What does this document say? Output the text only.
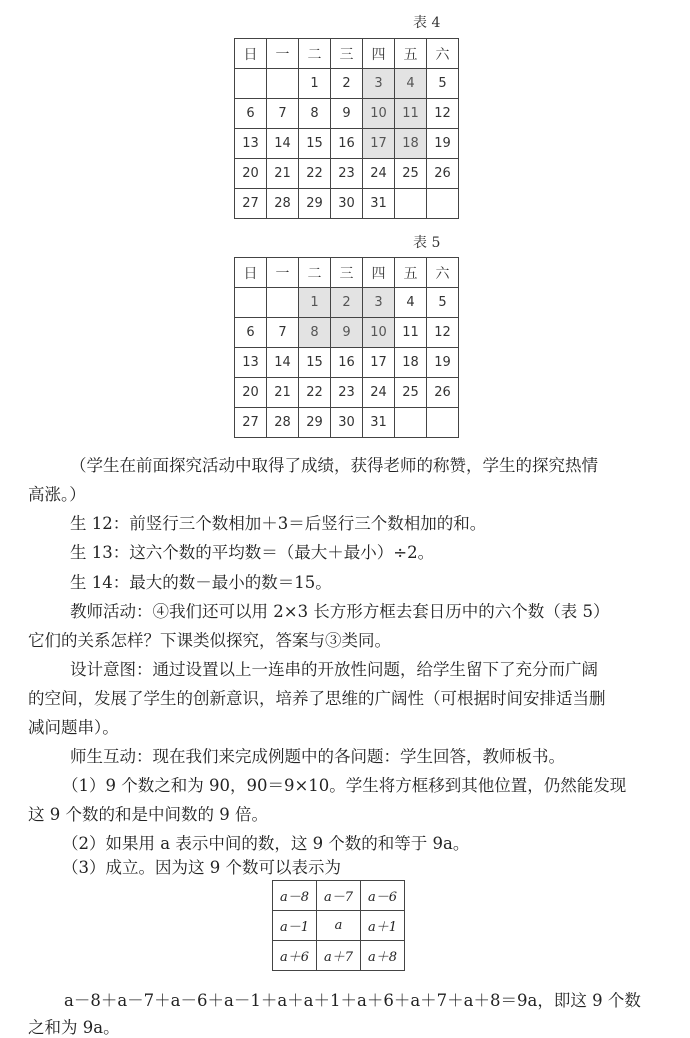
表 4
日	一	二	三	四	五	六
		1	2	3	4	5
6	7	8	9	10	11	12
13	14	15	16	17	18	19
20	21	22	23	24	25	26
27	28	29	30	31		
表 5
日	一	二	三	四	五	六
		1	2	3	4	5
6	7	8	9	10	11	12
13	14	15	16	17	18	19
20	21	22	23	24	25	26
27	28	29	30	31		
（学生在前面探究活动中取得了成绩，获得老师的称赞，学生的探究热情
高涨。）
生 12：前竖行三个数相加＋3＝后竖行三个数相加的和。
生 13：这六个数的平均数＝（最大＋最小）÷2。
生 14：最大的数－最小的数＝15。
教师活动：④我们还可以用 2×3 长方形方框去套日历中的六个数（表 5）
它们的关系怎样？下课类似探究，答案与③类同。
设计意图：通过设置以上一连串的开放性问题，给学生留下了充分而广阔
的空间，发展了学生的创新意识，培养了思维的广阔性（可根据时间安排适当删
减问题串）。
师生互动：现在我们来完成例题中的各问题：学生回答，教师板书。
（1）9 个数之和为 90，90＝9×10。学生将方框移到其他位置，仍然能发现
这 9 个数的和是中间数的 9 倍。
（2）如果用 a 表示中间的数，这 9 个数的和等于 9a。
（3）成立。因为这 9 个数可以表示为
a－8	a－7	a－6
a－1	a	a＋1
a＋6	a＋7	a＋8
a－8＋a－7＋a－6＋a－1＋a＋a＋1＋a＋6＋a＋7＋a＋8＝9a，即这 9 个数
之和为 9a。
